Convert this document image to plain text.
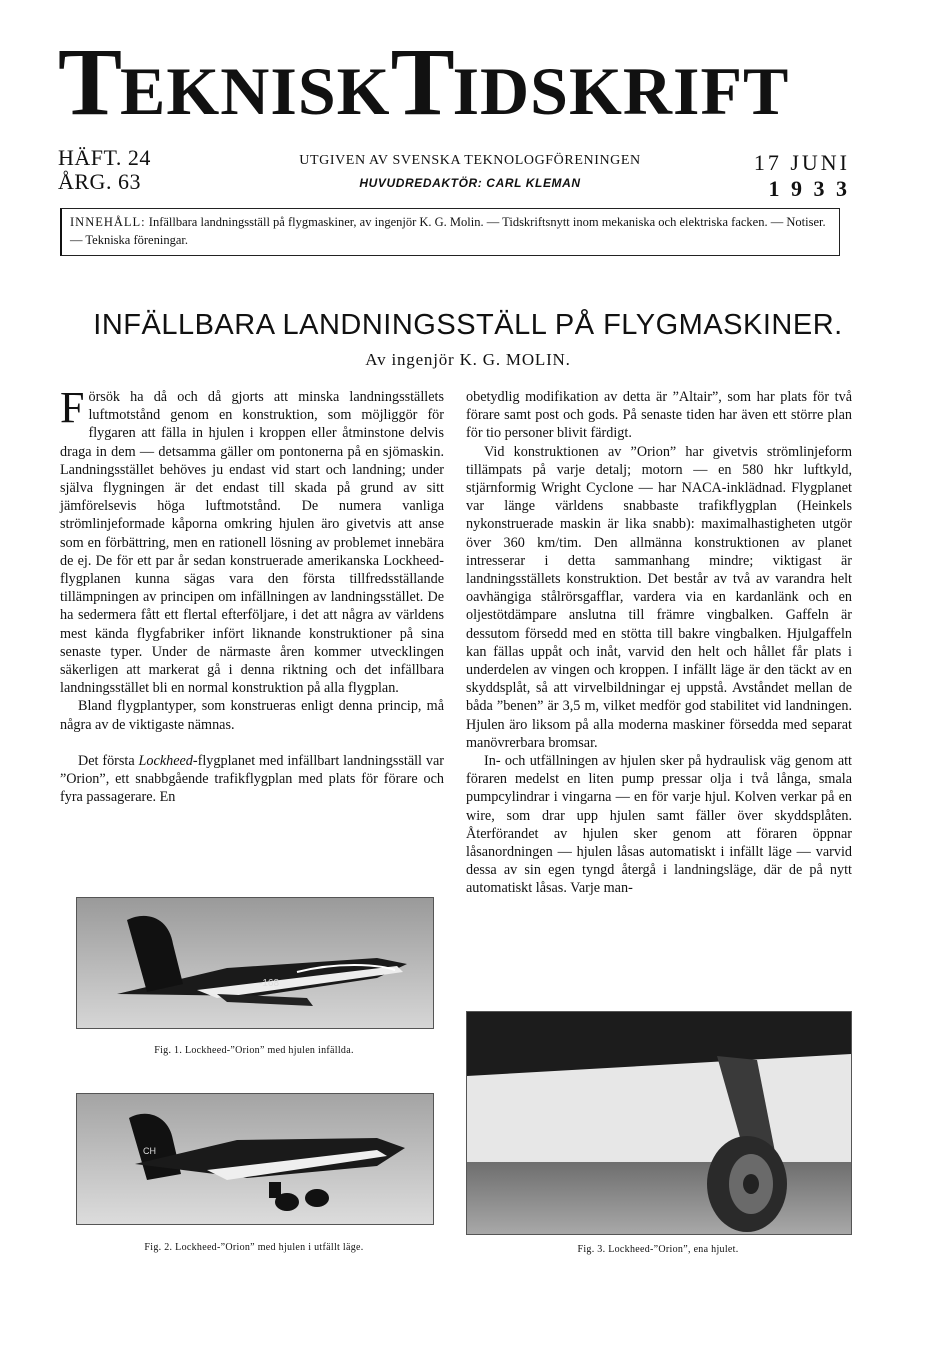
TEKNISKTIDSKRIFT
HÄFT. 24
ÅRG. 63
UTGIVEN AV SVENSKA TEKNOLOGFÖRENINGEN
HUVUDREDAKTÖR: CARL KLEMAN
17 JUNI
1 9 3 3
INNEHÅLL: Infällbara landningsställ på flygmaskiner, av ingenjör K. G. Molin. — Tidskriftsnytt inom mekaniska och elektriska facken. — Notiser. — Tekniska föreningar.
INFÄLLBARA LANDNINGSSTÄLL PÅ FLYGMASKINER.
Av ingenjör K. G. MOLIN.

Försök ha då och då gjorts att minska landningsställets luftmotstånd genom en konstruktion, som möjliggör för flygaren att fälla in hjulen i kroppen eller åtminstone delvis draga in dem — detsamma gäller om pontonerna på en sjömaskin. Landningsstället behöves ju endast vid start och landning; under själva flygningen är det endast till skada på grund av sitt jämförelsevis höga luftmotstånd. De numera vanliga strömlinjeformade kåporna omkring hjulen äro givetvis att anse som en förbättring, men en rationell lösning av problemet innebära de ej. De för ett par år sedan konstruerade amerikanska Lockheed-flygplanen kunna sägas vara den första tillfredsställande tillämpningen av principen om infällningen av landningsstället. De ha sedermera fått ett flertal efterföljare, i det att några av världens mest kända flygfabriker infört liknande konstruktioner på sina senaste typer. Under de närmaste åren kommer utvecklingen säkerligen att markerat gå i denna riktning och det infällbara landningsstället bli en normal konstruktion på alla flygplan.

Bland flygplantyper, som konstrueras enligt denna princip, må några av de viktigaste nämnas.

Det första Lockheed-flygplanet med infällbart landningsställ var ”Orion”, ett snabbgående trafikflygplan med plats för förare och fyra passagerare. En

obetydlig modifikation av detta är ”Altair”, som har plats för två förare samt post och gods. På senaste tiden har även ett större plan för tio personer blivit färdigt.

Vid konstruktionen av ”Orion” har givetvis strömlinjeform tillämpats på varje detalj; motorn — en 580 hkr luftkyld, stjärnformig Wright Cyclone — har NACA-inklädnad. Flygplanet var länge världens snabbaste trafikflygplan (Heinkels nykonstruerade maskin är lika snabb): maximalhastigheten utgör över 360 km/tim. Den allmänna konstruktionen av planet intresserar i detta sammanhang mindre; viktigast är landningsställets konstruktion. Det består av två av varandra helt oavhängiga stålrörsgafflar, vardera via en kardanlänk och en oljestötdämpare anslutna till främre vingbalken. Gaffeln är dessutom försedd med en stötta till bakre vingbalken. Hjulgaffeln kan fällas uppåt och inåt, varvid den helt och hållet får plats i underdelen av vingen och kroppen. I infällt läge är den täckt av en skyddsplåt, så att virvelbildningar ej uppstå. Avståndet mellan de båda ”benen” är 3,5 m, vilket medför god stabilitet vid landningen. Hjulen äro liksom på alla moderna maskiner försedda med separat manövrerbara bromsar.

In- och utfällningen av hjulen sker på hydraulisk väg genom att föraren medelst en liten pump pressar olja i två långa, smala pumpcylindrar i vingarna — en för varje hjul. Kolven verkar på en wire, som drar upp hjulen samt fäller över skyddsplåten. Återförandet av hjulen sker genom att föraren öppnar låsanordningen — hjulen låsas automatiskt i infällt läge — varvid dessa av sin egen tyngd återgå i landningsläge, där de på nytt automatiskt låsas. Varje man-

-168
Fig. 1. Lockheed-”Orion” med hjulen infällda.
CH
-168
Fig. 2. Lockheed-”Orion” med hjulen i utfällt läge.	Fig. 3. Lockheed-”Orion”, ena hjulet.
